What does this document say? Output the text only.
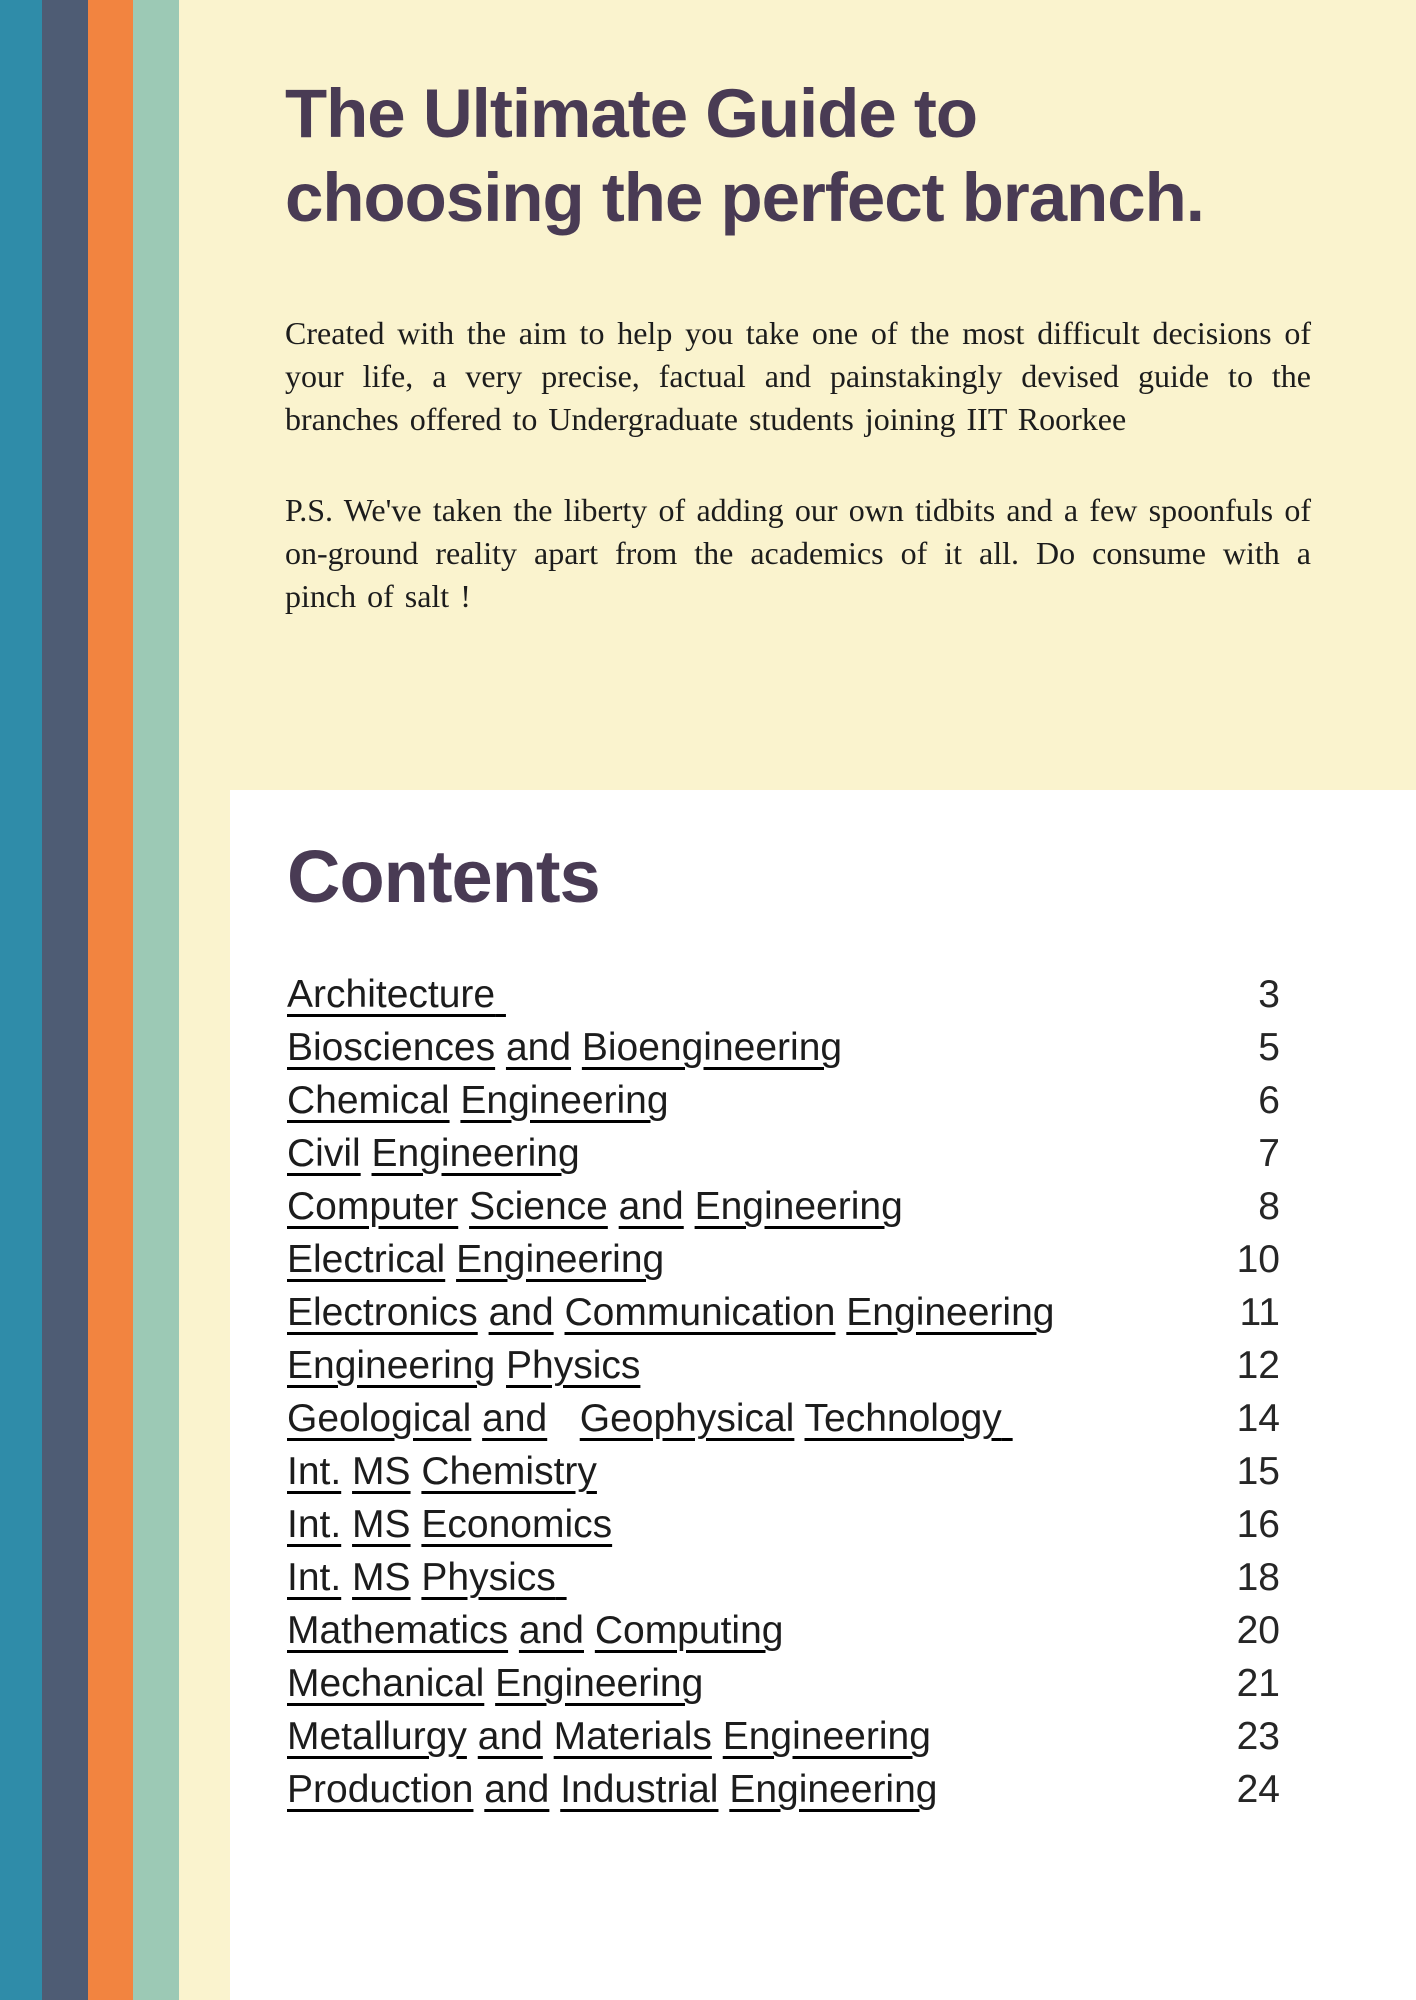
The Ultimate Guide to
choosing the perfect branch.

Created with the aim to help you take one of the most difficult decisions of your life, a very precise, factual and painstakingly devised guide to the branches offered to Undergraduate students joining IIT Roorkee

P.S. We've taken the liberty of adding our own tidbits and a few spoonfuls of on-ground reality apart from the academics of it all. Do consume with a pinch of salt !

Contents
Architecture	3
Biosciences and Bioengineering	5
Chemical Engineering	6
Civil Engineering	7
Computer Science and Engineering	8
Electrical Engineering	10
Electronics and Communication Engineering	11
Engineering Physics	12
Geological and Geophysical Technology	14
Int. MS Chemistry	15
Int. MS Economics	16
Int. MS Physics	18
Mathematics and Computing	20
Mechanical Engineering	21
Metallurgy and Materials Engineering	23
Production and Industrial Engineering	24
